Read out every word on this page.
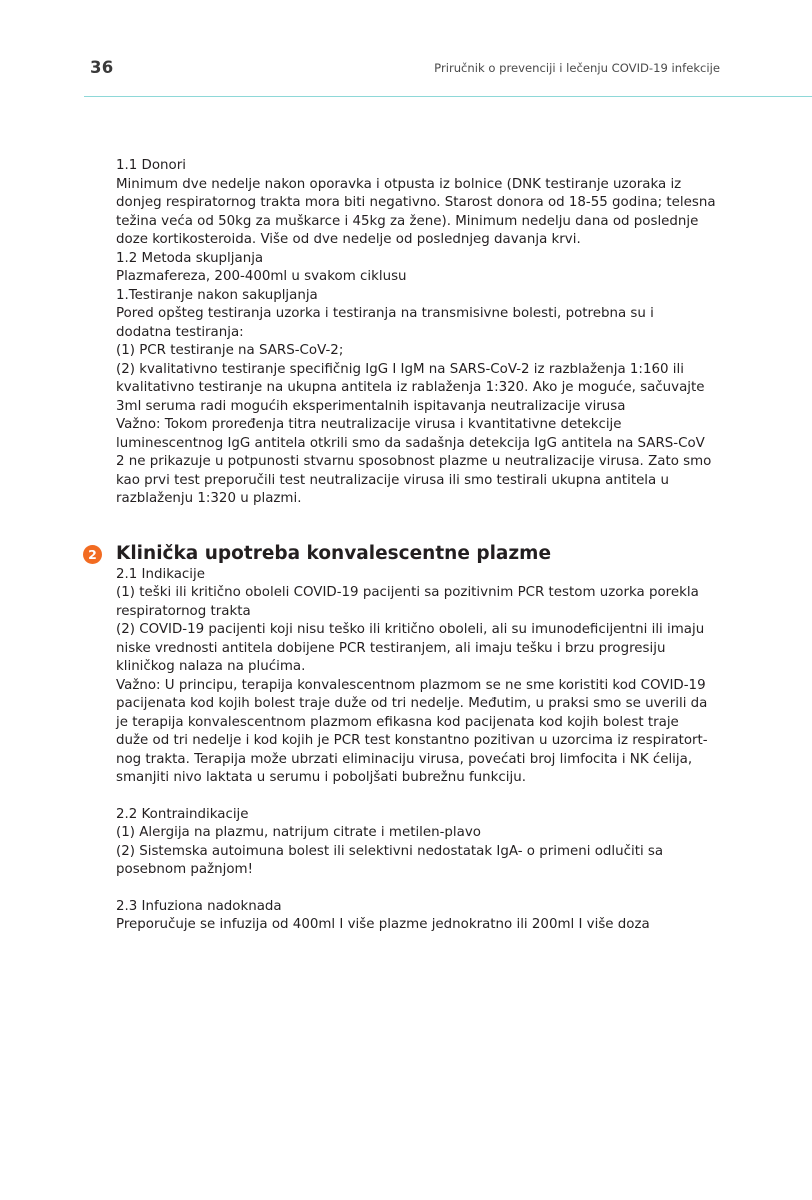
36	Priručnik o prevenciji i lečenju COVID-19 infekcije

1.1 Donori

Minimum dve nedelje nakon oporavka i otpusta iz bolnice (DNK testiranje uzoraka iz

donjeg respiratornog trakta mora biti negativno. Starost donora od 18-55 godina; telesna

težina veća od 50kg za muškarce i 45kg za žene). Minimum nedelju dana od poslednje

doze kortikosteroida. Više od dve nedelje od poslednjeg davanja krvi.

1.2 Metoda skupljanja

Plazmafereza, 200-400ml u svakom ciklusu

1.Testiranje nakon sakupljanja

Pored opšteg testiranja uzorka i testiranja na transmisivne bolesti, potrebna su i

dodatna testiranja:

(1) PCR testiranje na SARS-CoV-2;

(2) kvalitativno testiranje specifičnig IgG I IgM na SARS-CoV-2 iz razblaženja 1:160 ili

kvalitativno testiranje na ukupna antitela iz rablaženja 1:320. Ako je moguće, sačuvajte

3ml seruma radi mogućih eksperimentalnih ispitavanja neutralizacije virusa

Važno: Tokom proređenja titra neutralizacije virusa i kvantitativne detekcije

luminescentnog IgG antitela otkrili smo da sadašnja detekcija IgG antitela na SARS-CoV

2 ne prikazuje u potpunosti stvarnu sposobnost plazme u neutralizacije virusa. Zato smo

kao prvi test preporučili test neutralizacije virusa ili smo testirali ukupna antitela u

razblaženju 1:320 u plazmi.

2 Klinička upotreba konvalescentne plazme

2.1 Indikacije

(1) teški ili kritično oboleli COVID-19 pacijenti sa pozitivnim PCR testom uzorka porekla

respiratornog trakta

(2) COVID-19 pacijenti koji nisu teško ili kritično oboleli, ali su imunodeficijentni ili imaju

niske vrednosti antitela dobijene PCR testiranjem, ali imaju tešku i brzu progresiju

kliničkog nalaza na plućima.

Važno: U principu, terapija konvalescentnom plazmom se ne sme koristiti kod COVID-19

pacijenata kod kojih bolest traje duže od tri nedelje. Međutim, u praksi smo se uverili da

je terapija konvalescentnom plazmom efikasna kod pacijenata kod kojih bolest traje

duže od tri nedelje i kod kojih je PCR test konstantno pozitivan u uzorcima iz respiratort-

nog trakta. Terapija može ubrzati eliminaciju virusa, povećati broj limfocita i NK ćelija,

smanjiti nivo laktata u serumu i poboljšati bubrežnu funkciju.

2.2 Kontraindikacije

(1) Alergija na plazmu, natrijum citrate i metilen-plavo

(2) Sistemska autoimuna bolest ili selektivni nedostatak IgA- o primeni odlučiti sa

posebnom pažnjom!

2.3 Infuziona nadoknada

Preporučuje se infuzija od 400ml I više plazme jednokratno ili 200ml I više doza
